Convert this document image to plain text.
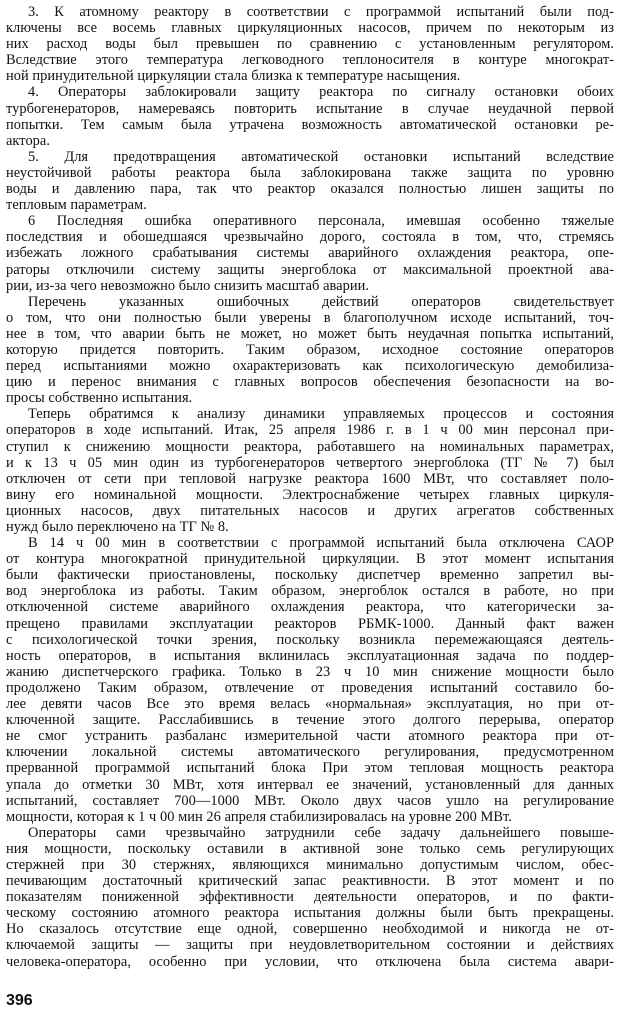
3. К атомному реактору в соответствии с программой испытаний были под-
ключены все восемь главных циркуляционных насосов, причем по некоторым из
них расход воды был превышен по сравнению с установленным регулятором.
Вследствие этого температура легководного теплоносителя в контуре многократ-
ной принудительной циркуляции стала близка к температуре насыщения.
4. Операторы заблокировали защиту реактора по сигналу остановки обоих
турбогенераторов, намереваясь повторить испытание в случае неудачной первой
попытки. Тем самым была утрачена возможность автоматической остановки ре-
актора.
5. Для предотвращения автоматической остановки испытаний вследствие
неустойчивой работы реактора была заблокирована также защита по уровню
воды и давлению пара, так что реактор оказался полностью лишен защиты по
тепловым параметрам.
6 Последняя ошибка оперативного персонала, имевшая особенно тяжелые
последствия и обошедшаяся чрезвычайно дорого, состояла в том, что, стремясь
избежать ложного срабатывания системы аварийного охлаждения реактора, опе-
раторы отключили систему защиты энергоблока от максимальной проектной ава-
рии, из-за чего невозможно было снизить масштаб аварии.
Перечень указанных ошибочных действий операторов свидетельствует
о том, что они полностью были уверены в благополучном исходе испытаний, точ-
нее в том, что аварии быть не может, но может быть неудачная попытка испытаний,
которую придется повторить. Таким образом, исходное состояние операторов
перед испытаниями можно охарактеризовать как психологическую демобилиза-
цию и перенос внимания с главных вопросов обеспечения безопасности на во-
просы собственно испытания.
Теперь обратимся к анализу динамики управляемых процессов и состояния
операторов в ходе испытаний. Итак, 25 апреля 1986 г. в 1 ч 00 мин персонал при-
ступил к снижению мощности реактора, работавшего на номинальных параметрах,
и к 13 ч 05 мин один из турбогенераторов четвертого энергоблока (ТГ № 7) был
отключен от сети при тепловой нагрузке реактора 1600 МВт, что составляет поло-
вину его номинальной мощности. Электроснабжение четырех главных циркуля-
ционных насосов, двух питательных насосов и других агрегатов собственных
нужд было переключено на ТГ № 8.
В 14 ч 00 мин в соответствии с программой испытаний была отключена САОР
от контура многократной принудительной циркуляции. В этот момент испытания
были фактически приостановлены, поскольку диспетчер временно запретил вы-
вод энергоблока из работы. Таким образом, энергоблок остался в работе, но при
отключенной системе аварийного охлаждения реактора, что категорически за-
прещено правилами эксплуатации реакторов РБМК-1000. Данный факт важен
с психологической точки зрения, поскольку возникла перемежающаяся деятель-
ность операторов, в испытания вклинилась эксплуатационная задача по поддер-
жанию диспетчерского графика. Только в 23 ч 10 мин снижение мощности было
продолжено Таким образом, отвлечение от проведения испытаний составило бо-
лее девяти часов Все это время велась «нормальная» эксплуатация, но при от-
ключенной защите. Расслабившись в течение этого долгого перерыва, оператор
не смог устранить разбаланс измерительной части атомного реактора при от-
ключении локальной системы автоматического регулирования, предусмотренном
прерванной программой испытаний блока При этом тепловая мощность реактора
упала до отметки 30 МВт, хотя интервал ее значений, установленный для данных
испытаний, составляет 700—1000 МВт. Около двух часов ушло на регулирование
мощности, которая к 1 ч 00 мин 26 апреля стабилизировалась на уровне 200 МВт.
Операторы сами чрезвычайно затруднили себе задачу дальнейшего повыше-
ния мощности, поскольку оставили в активной зоне только семь регулирующих
стержней при 30 стержнях, являющихся минимально допустимым числом, обес-
печивающим достаточный критический запас реактивности. В этот момент и по
показателям пониженной эффективности деятельности операторов, и по факти-
ческому состоянию атомного реактора испытания должны были быть прекращены.
Но сказалось отсутствие еще одной, совершенно необходимой и никогда не от-
ключаемой защиты — защиты при неудовлетворительном состоянии и действиях
человека-оператора, особенно при условии, что отключена была система авари-
396
